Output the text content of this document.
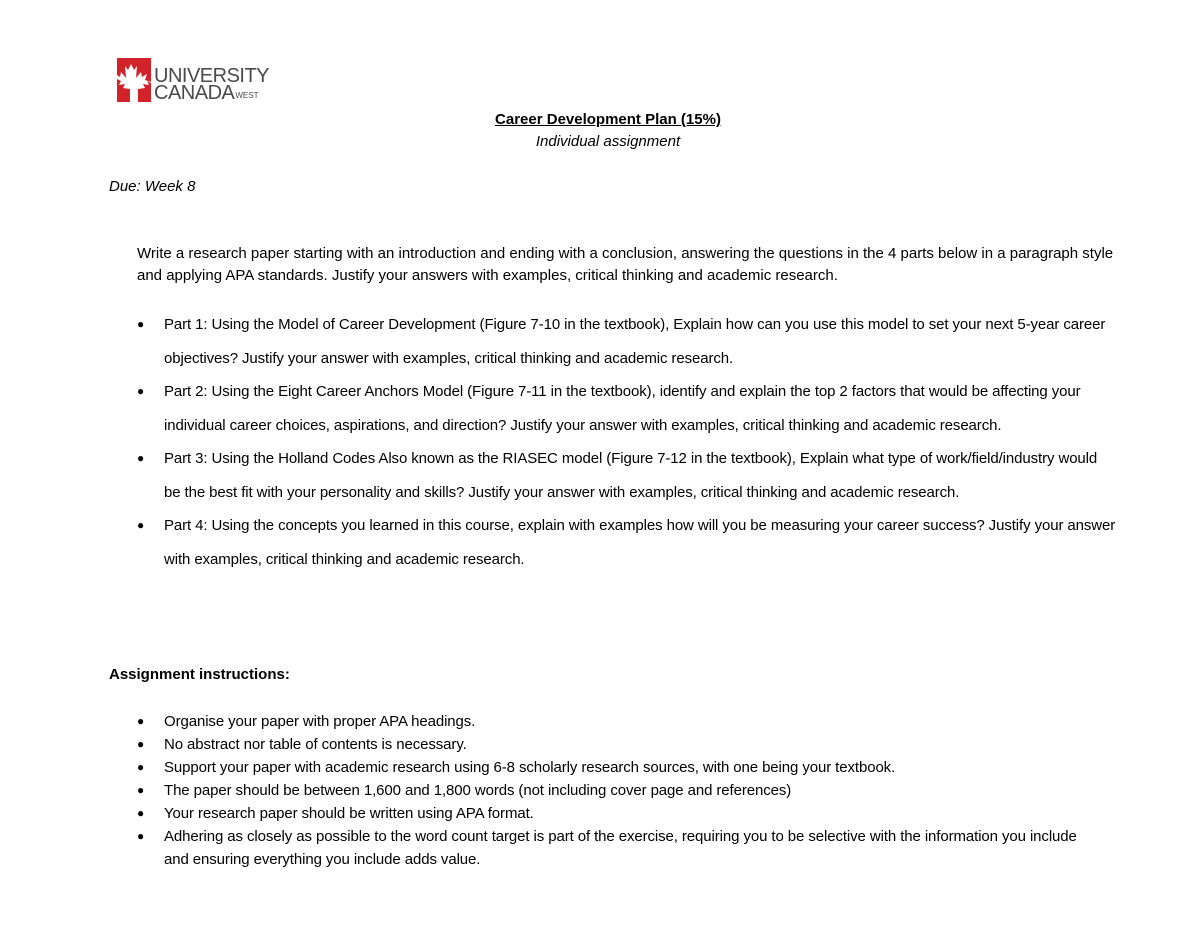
UNIVERSITY
$CANADA^{WEST}$
Career Development Plan (15%)
Individual assignment
Due: Week 8
Write a research paper starting with an introduction and ending with a conclusion, answering the questions in the 4 parts below in a paragraph style and applying APA standards. Justify your answers with examples, critical thinking and academic research.
● Part 1: Using the Model of Career Development (Figure 7-10 in the textbook), Explain how can you use this model to set your next 5-year career objectives? Justify your answer with examples, critical thinking and academic research.
● Part 2: Using the Eight Career Anchors Model (Figure 7-11 in the textbook), identify and explain the top 2 factors that would be affecting your individual career choices, aspirations, and direction? Justify your answer with examples, critical thinking and academic research.
● Part 3: Using the Holland Codes Also known as the RIASEC model (Figure 7-12 in the textbook), Explain what type of work/field/industry would be the best fit with your personality and skills? Justify your answer with examples, critical thinking and academic research.
● Part 4: Using the concepts you learned in this course, explain with examples how will you be measuring your career success? Justify your answer with examples, critical thinking and academic research.
Assignment instructions:
● Organise your paper with proper APA headings.
● No abstract nor table of contents is necessary.
● Support your paper with academic research using 6-8 scholarly research sources, with one being your textbook.
● The paper should be between 1,600 and 1,800 words (not including cover page and references)
● Your research paper should be written using APA format.
● Adhering as closely as possible to the word count target is part of the exercise, requiring you to be selective with the information you include and ensuring everything you include adds value.
